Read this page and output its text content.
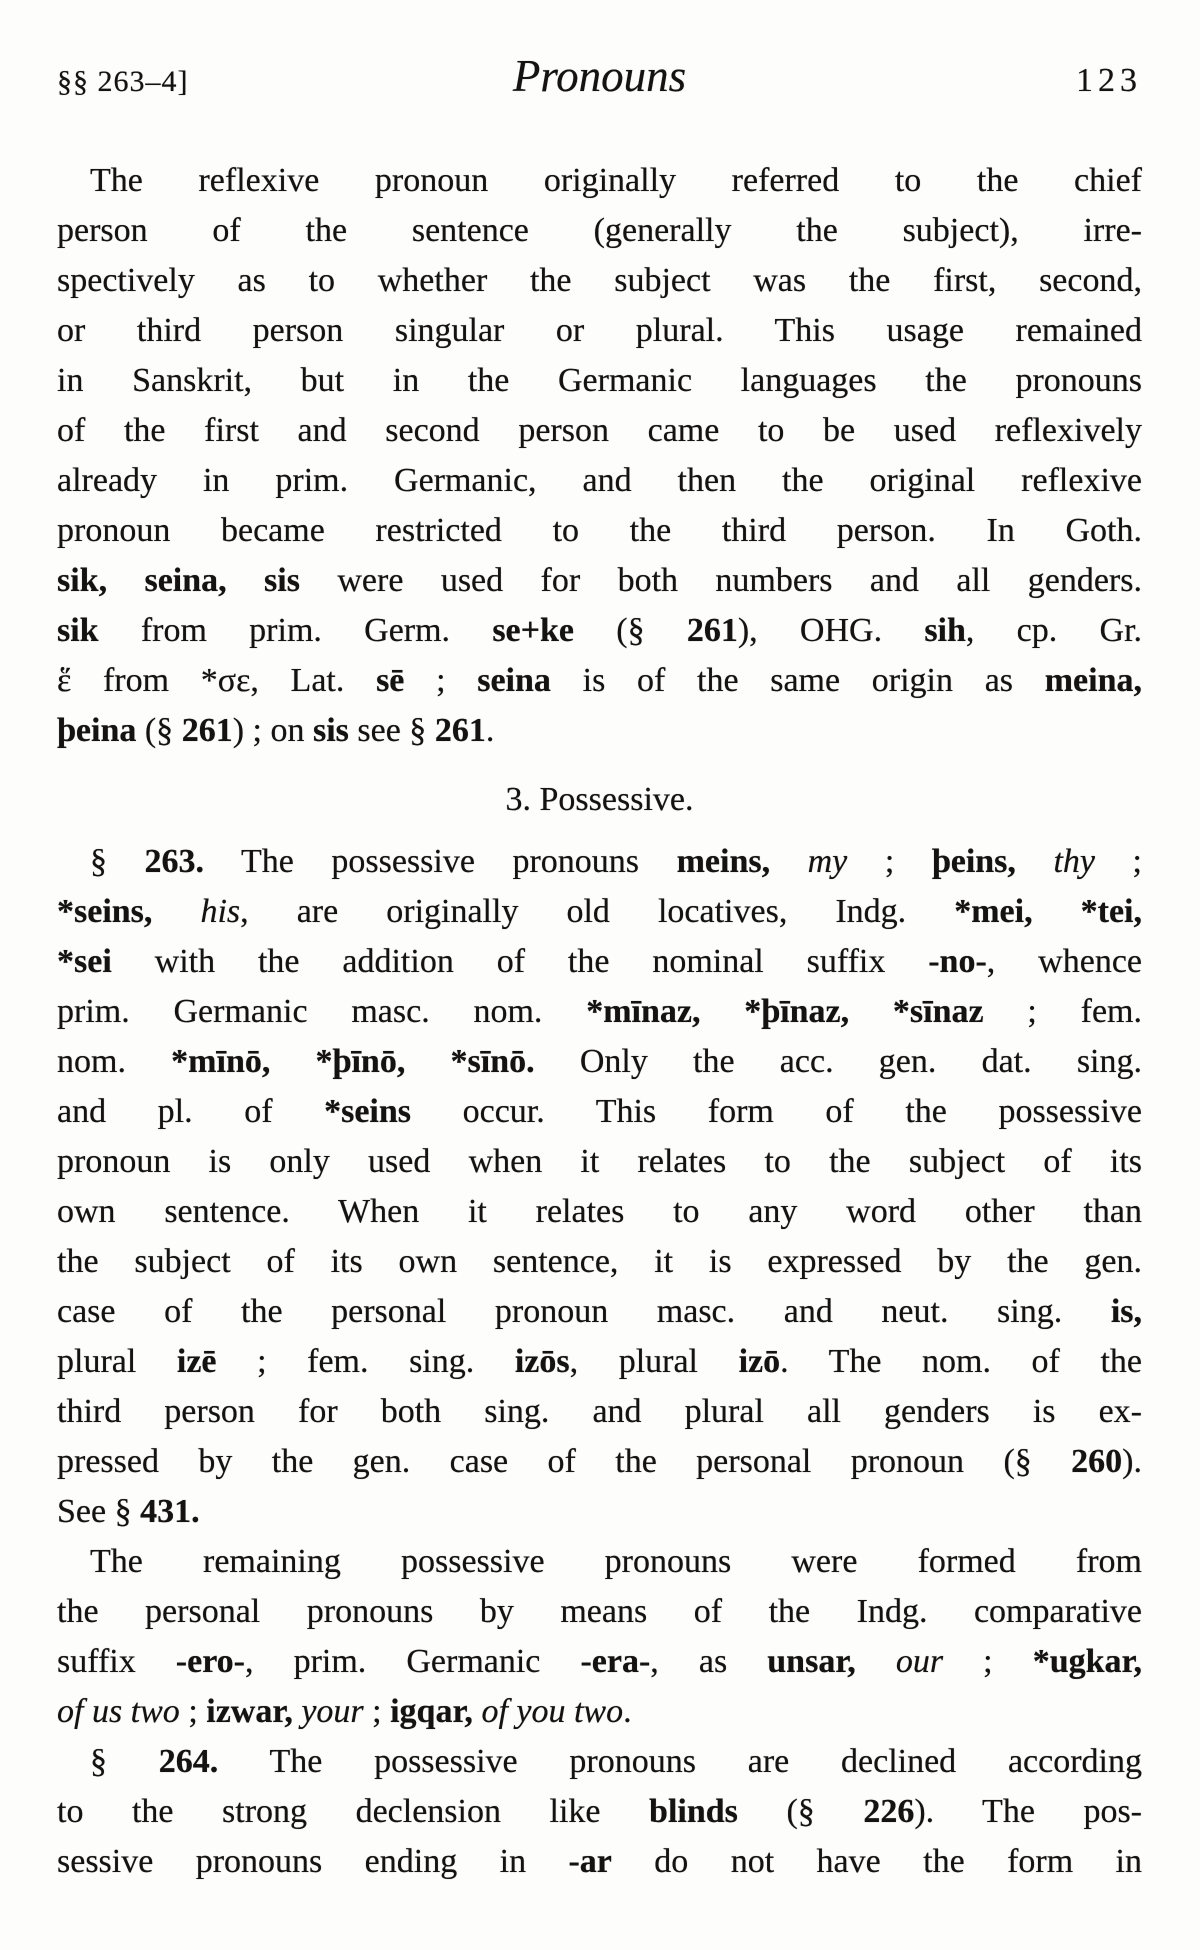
§§ 263–4]	Pronouns	123
The reflexive pronoun originally referred to the chief
person of the sentence (generally the subject), irre-
spectively as to whether the subject was the first, second,
or third person singular or plural. This usage remained
in Sanskrit, but in the Germanic languages the pronouns
of the first and second person came to be used reflexively
already in prim. Germanic, and then the original reflexive
pronoun became restricted to the third person. In Goth.
sik, seina, sis were used for both numbers and all genders.
sik from prim. Germ. se+ke (§ 261), OHG. sih, cp. Gr.
ἕ from *σε, Lat. sē ; seina is of the same origin as meina,
þeina (§ 261) ; on sis see § 261.
3. Possessive.
§ 263. The possessive pronouns meins, my ; þeins, thy ;
*seins, his, are originally old locatives, Indg. *mei, *tei,
*sei with the addition of the nominal suffix -no-, whence
prim. Germanic masc. nom. *mīnaz, *þīnaz, *sīnaz ; fem.
nom. *mīnō, *þīnō, *sīnō. Only the acc. gen. dat. sing.
and pl. of *seins occur. This form of the possessive
pronoun is only used when it relates to the subject of its
own sentence. When it relates to any word other than
the subject of its own sentence, it is expressed by the gen.
case of the personal pronoun masc. and neut. sing. is,
plural izē ; fem. sing. izōs, plural izō. The nom. of the
third person for both sing. and plural all genders is ex-
pressed by the gen. case of the personal pronoun (§ 260).
See § 431.
The remaining possessive pronouns were formed from
the personal pronouns by means of the Indg. comparative
suffix -ero-, prim. Germanic -era-, as unsar, our ; *ugkar,
of us two ; izwar, your ; igqar, of you two.
§ 264. The possessive pronouns are declined according
to the strong declension like blinds (§ 226). The pos-
sessive pronouns ending in -ar do not have the form in
